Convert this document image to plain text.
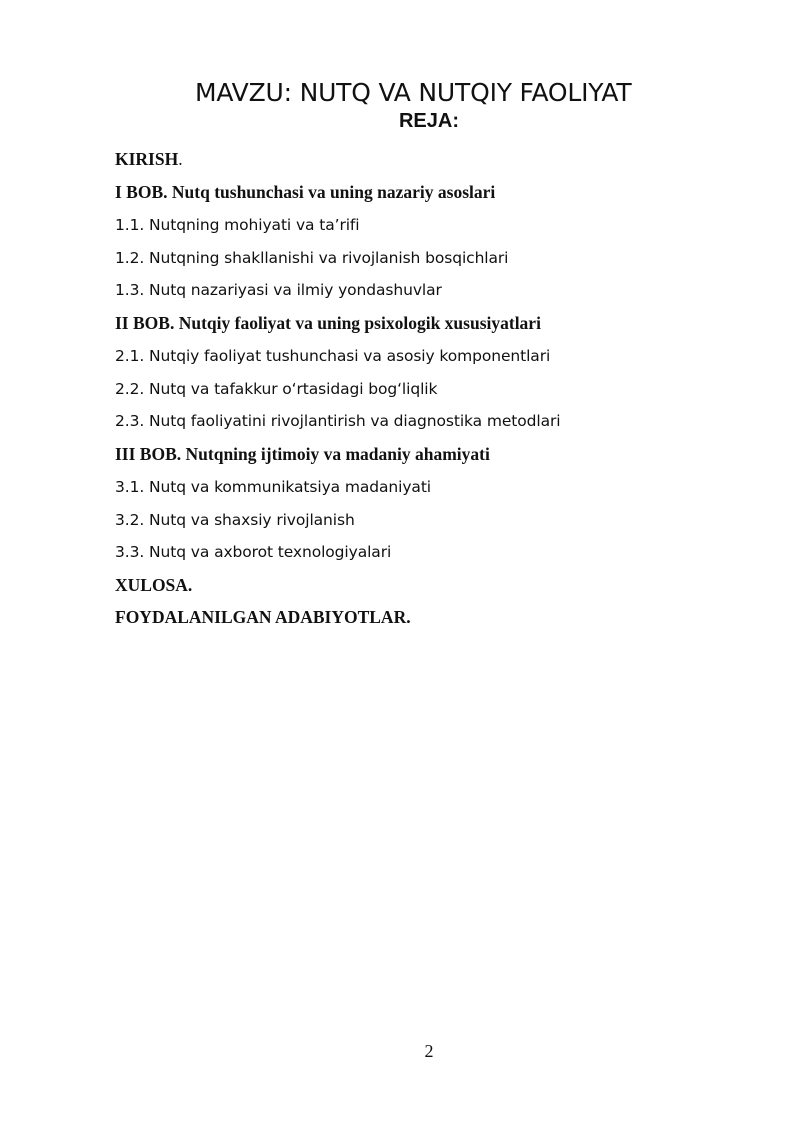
MAVZU: NUTQ VA NUTQIY FAOLIYAT
REJA:
KIRISH .
I BOB. Nutq tushunchasi va uning nazariy asoslari
1.1. Nutqning mohiyati va ta’rifi
1.2. Nutqning shakllanishi va rivojlanish bosqichlari
1.3. Nutq nazariyasi va ilmiy yondashuvlar
II BOB. Nutqiy faoliyat va uning psixologik xususiyatlari
2.1. Nutqiy faoliyat tushunchasi va asosiy komponentlari
2.2. Nutq va tafakkur oʻrtasidagi bogʻliqlik
2.3. Nutq faoliyatini rivojlantirish va diagnostika metodlari
III BOB. Nutqning ijtimoiy va madaniy ahamiyati
3.1. Nutq va kommunikatsiya madaniyati
3.2. Nutq va shaxsiy rivojlanish
3.3. Nutq va axborot texnologiyalari
XULOSA.
FOYDALANILGAN ADABIYOTLAR.
2
